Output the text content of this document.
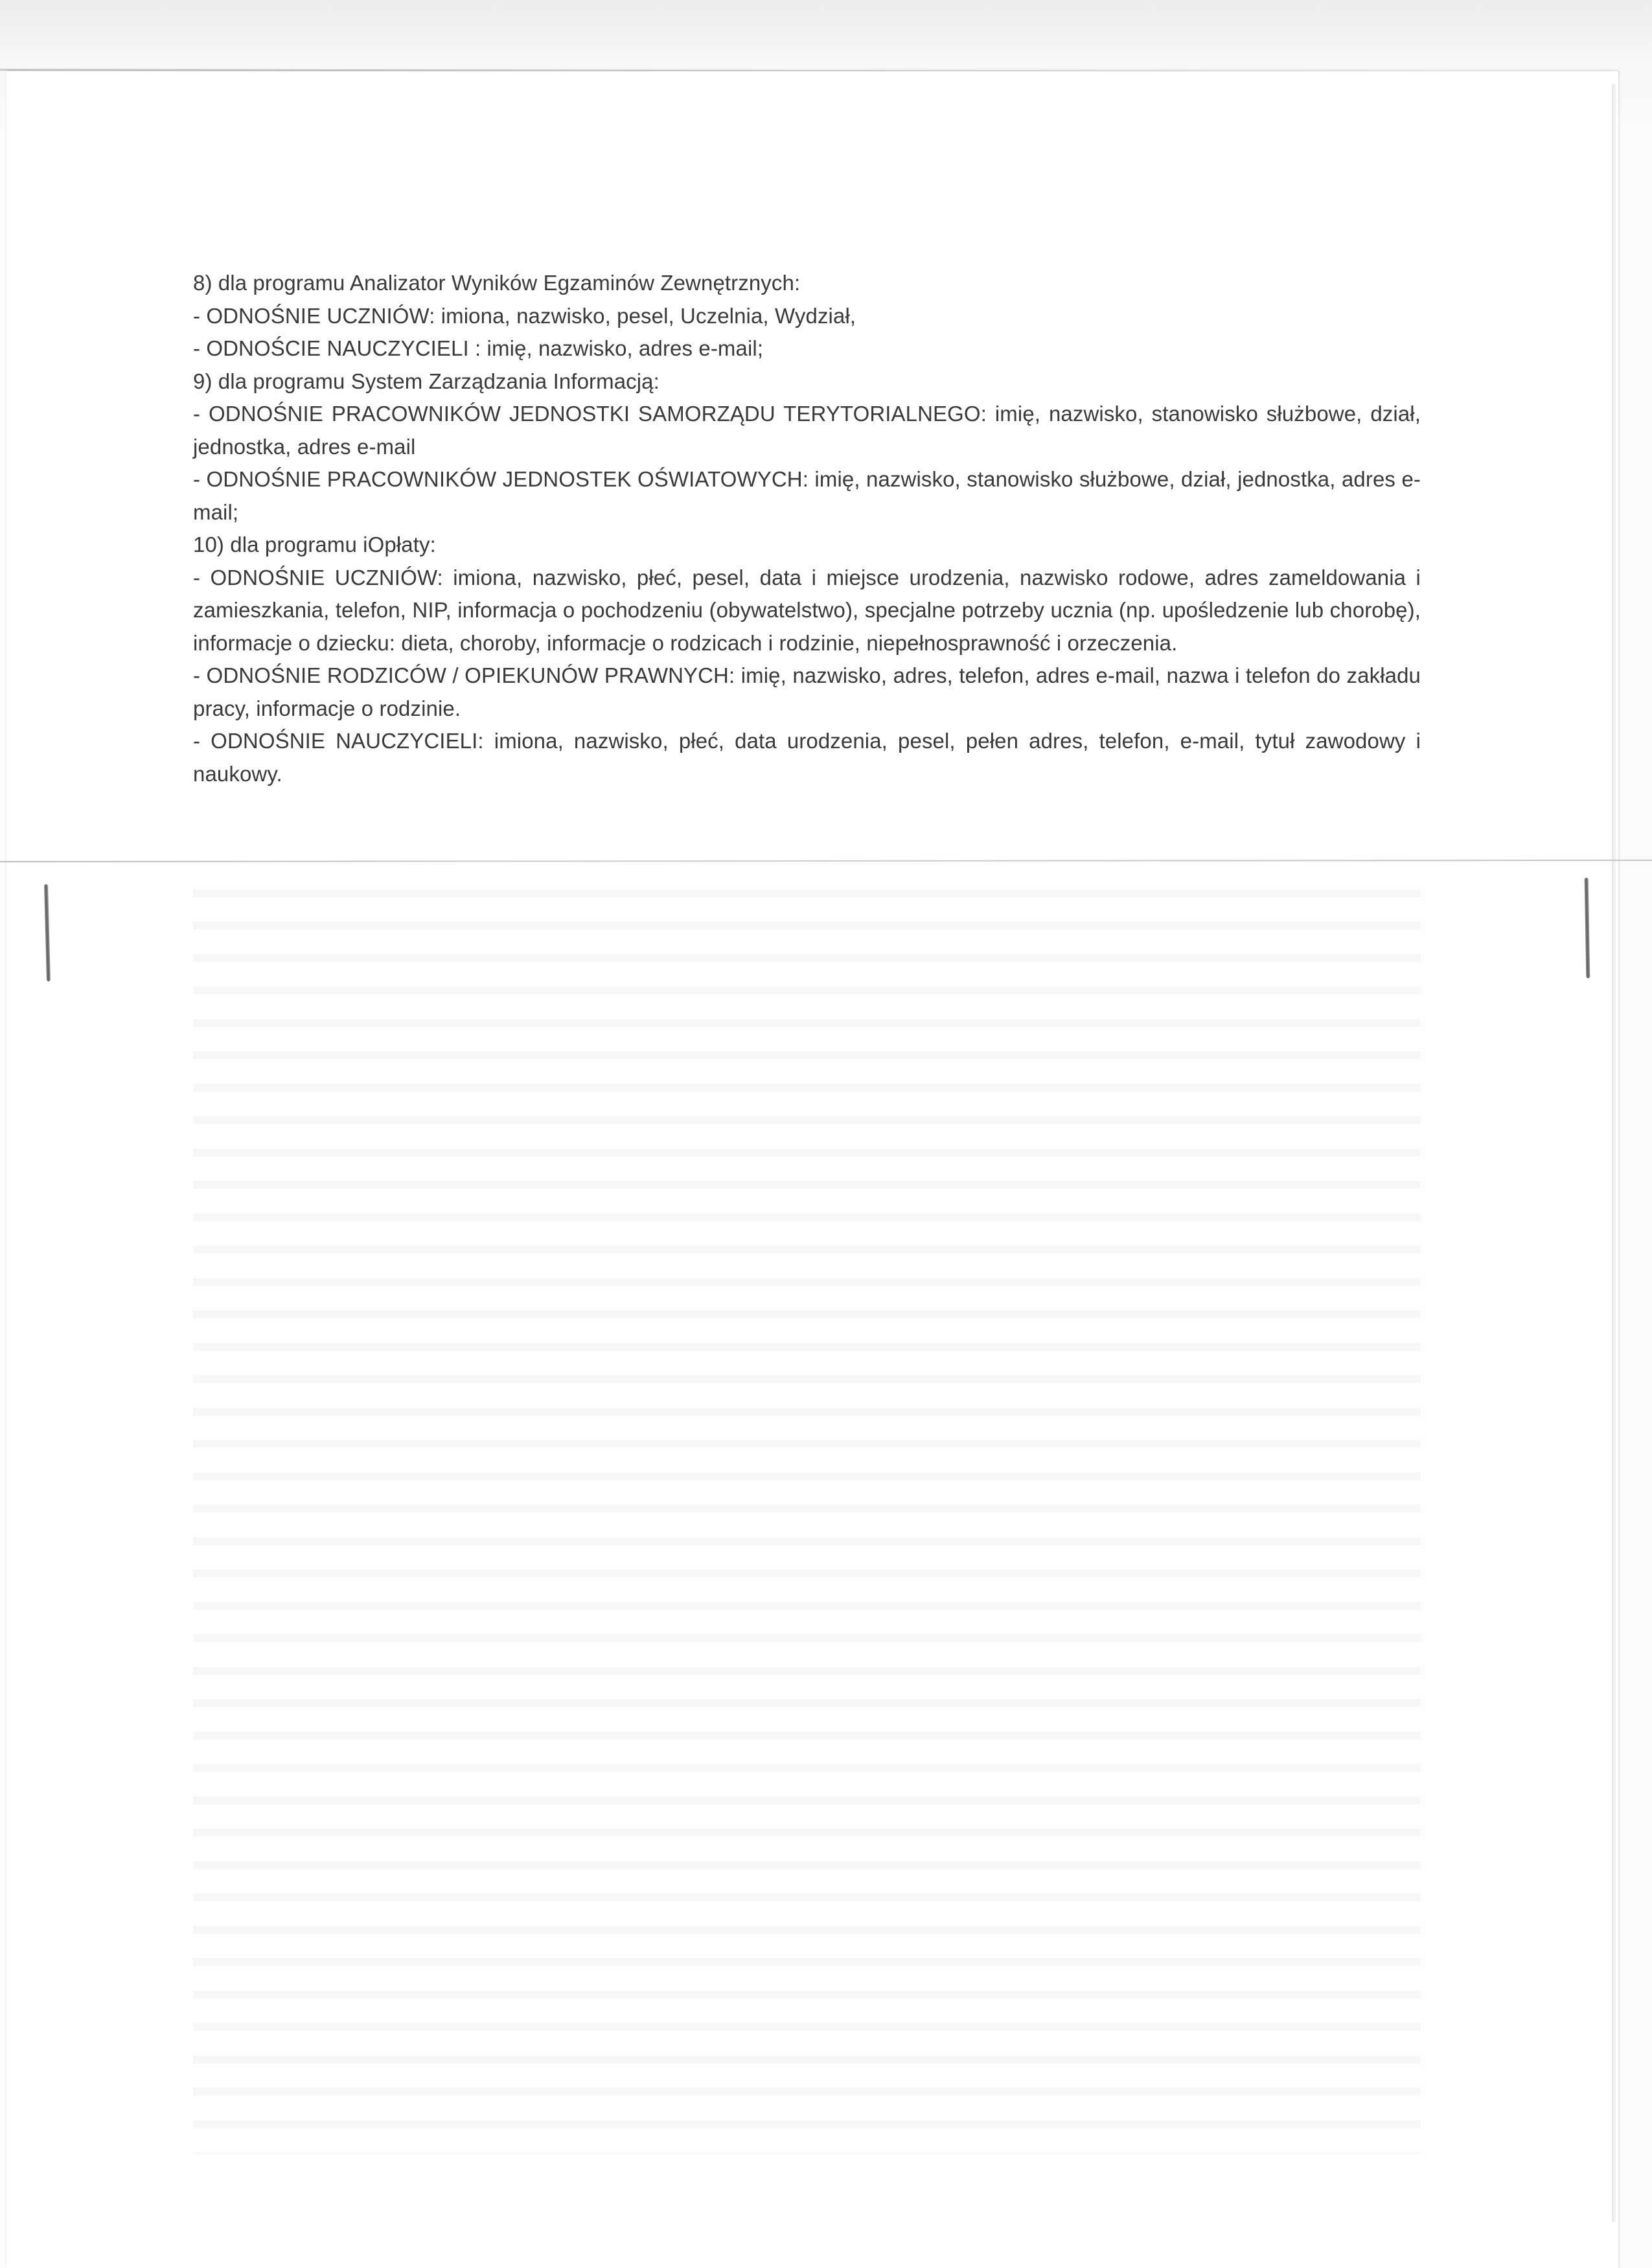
8) dla programu Analizator Wyników Egzaminów Zewnętrznych:

- ODNOŚNIE UCZNIÓW: imiona, nazwisko, pesel, Uczelnia, Wydział,

- ODNOŚCIE NAUCZYCIELI : imię, nazwisko, adres e-mail;

9) dla programu System Zarządzania Informacją:

- ODNOŚNIE PRACOWNIKÓW JEDNOSTKI SAMORZĄDU TERYTORIALNEGO: imię, nazwisko, stanowisko służbowe, dział, jednostka, adres e-mail

- ODNOŚNIE PRACOWNIKÓW JEDNOSTEK OŚWIATOWYCH: imię, nazwisko, stanowisko służbowe, dział, jednostka, adres e-mail;

10) dla programu iOpłaty:

- ODNOŚNIE UCZNIÓW: imiona, nazwisko, płeć, pesel, data i miejsce urodzenia, nazwisko rodowe, adres zameldowania i zamieszkania, telefon, NIP, informacja o pochodzeniu (obywatelstwo), specjalne potrzeby ucznia (np. upośledzenie lub chorobę), informacje o dziecku: dieta, choroby, informacje o rodzicach i rodzinie, niepełnosprawność i orzeczenia.

- ODNOŚNIE RODZICÓW / OPIEKUNÓW PRAWNYCH: imię, nazwisko, adres, telefon, adres e-mail, nazwa i telefon do zakładu pracy, informacje o rodzinie.

- ODNOŚNIE NAUCZYCIELI: imiona, nazwisko, płeć, data urodzenia, pesel, pełen adres, telefon, e-mail, tytuł zawodowy i naukowy.
